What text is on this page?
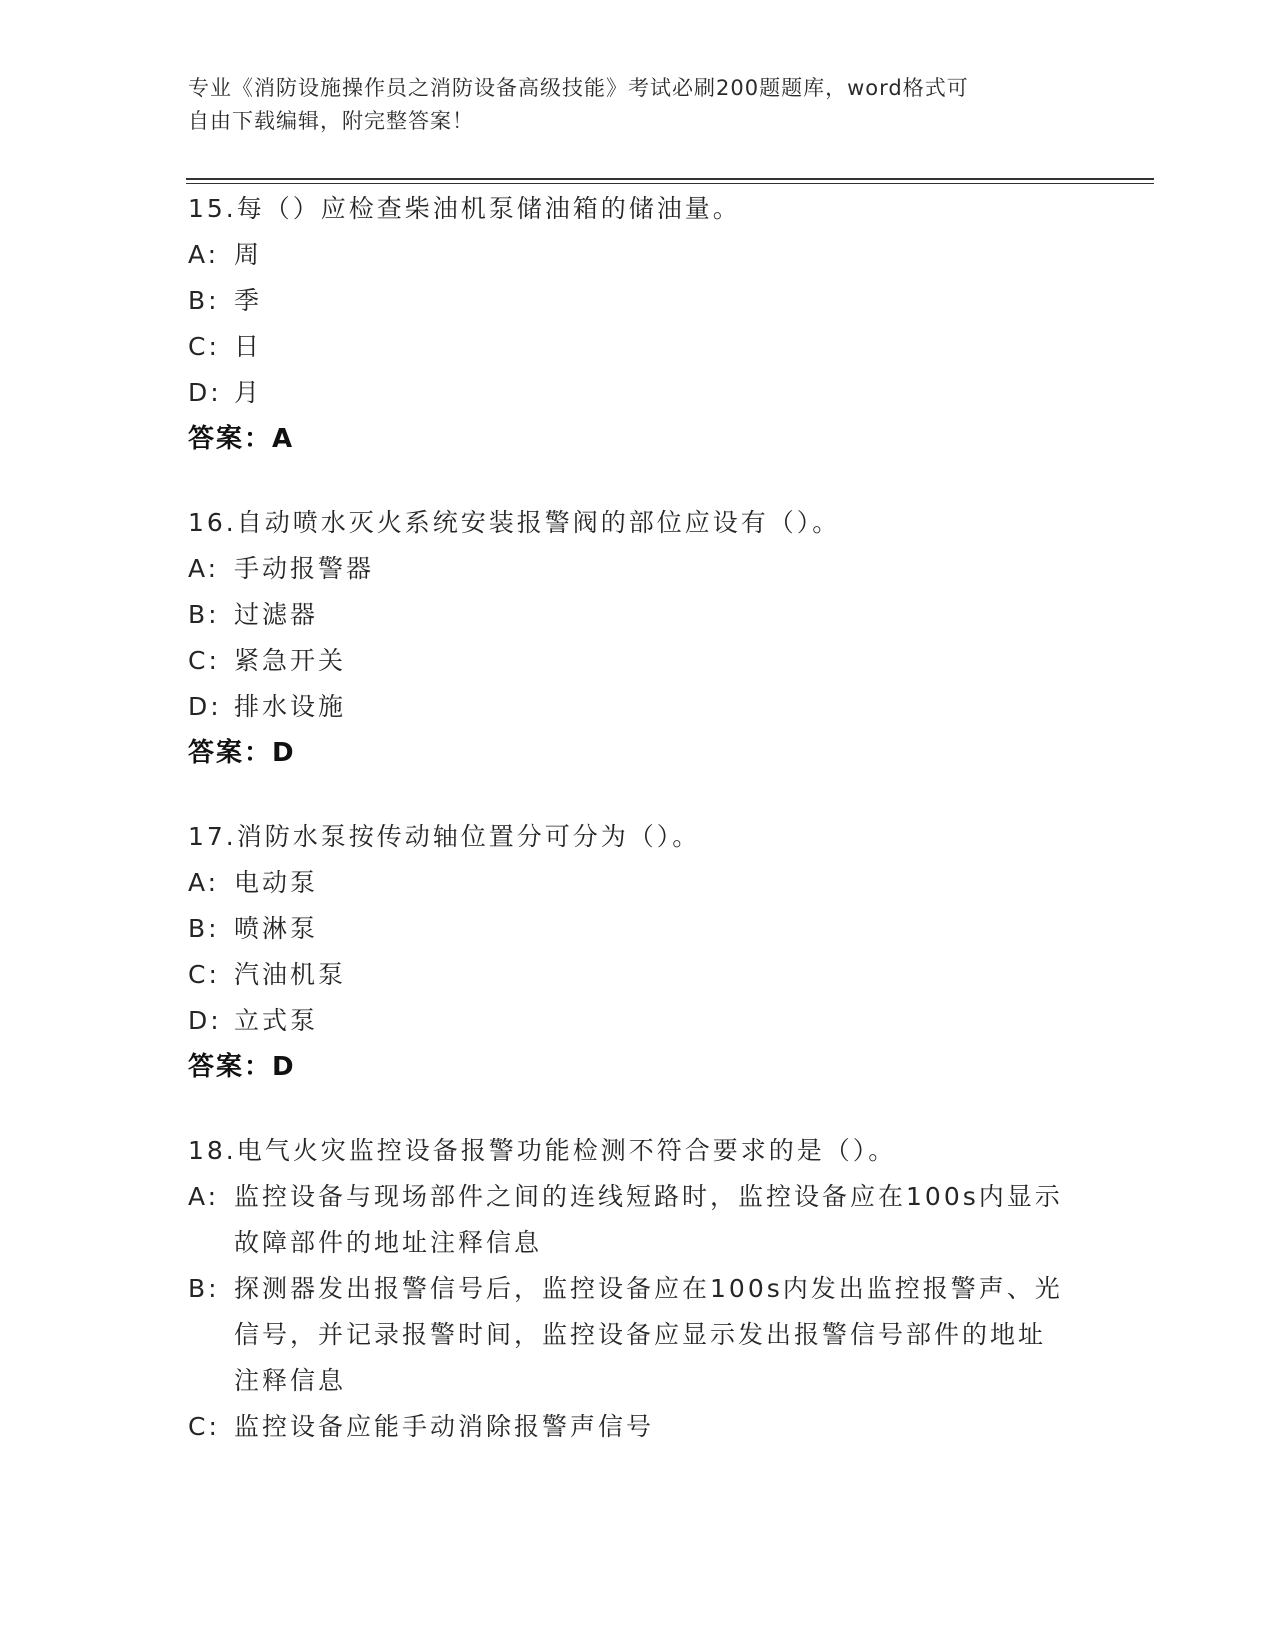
专业《消防设施操作员之消防设备高级技能》考试必刷200题题库，word格式可

自由下载编辑，附完整答案！

15.每（）应检查柴油机泵储油箱的储油量。
A: 周
B: 季
C: 日
D: 月
答案：A
16.自动喷水灭火系统安装报警阀的部位应设有（）。
A: 手动报警器
B: 过滤器
C: 紧急开关
D: 排水设施
答案：D
17.消防水泵按传动轴位置分可分为（）。
A: 电动泵
B: 喷淋泵
C: 汽油机泵
D: 立式泵
答案：D
18.电气火灾监控设备报警功能检测不符合要求的是（）。
A: 监控设备与现场部件之间的连线短路时，监控设备应在100s内显示故障部件的地址注释信息
B: 探测器发出报警信号后，监控设备应在100s内发出监控报警声、光信号，并记录报警时间，监控设备应显示发出报警信号部件的地址注释信息
C: 监控设备应能手动消除报警声信号
